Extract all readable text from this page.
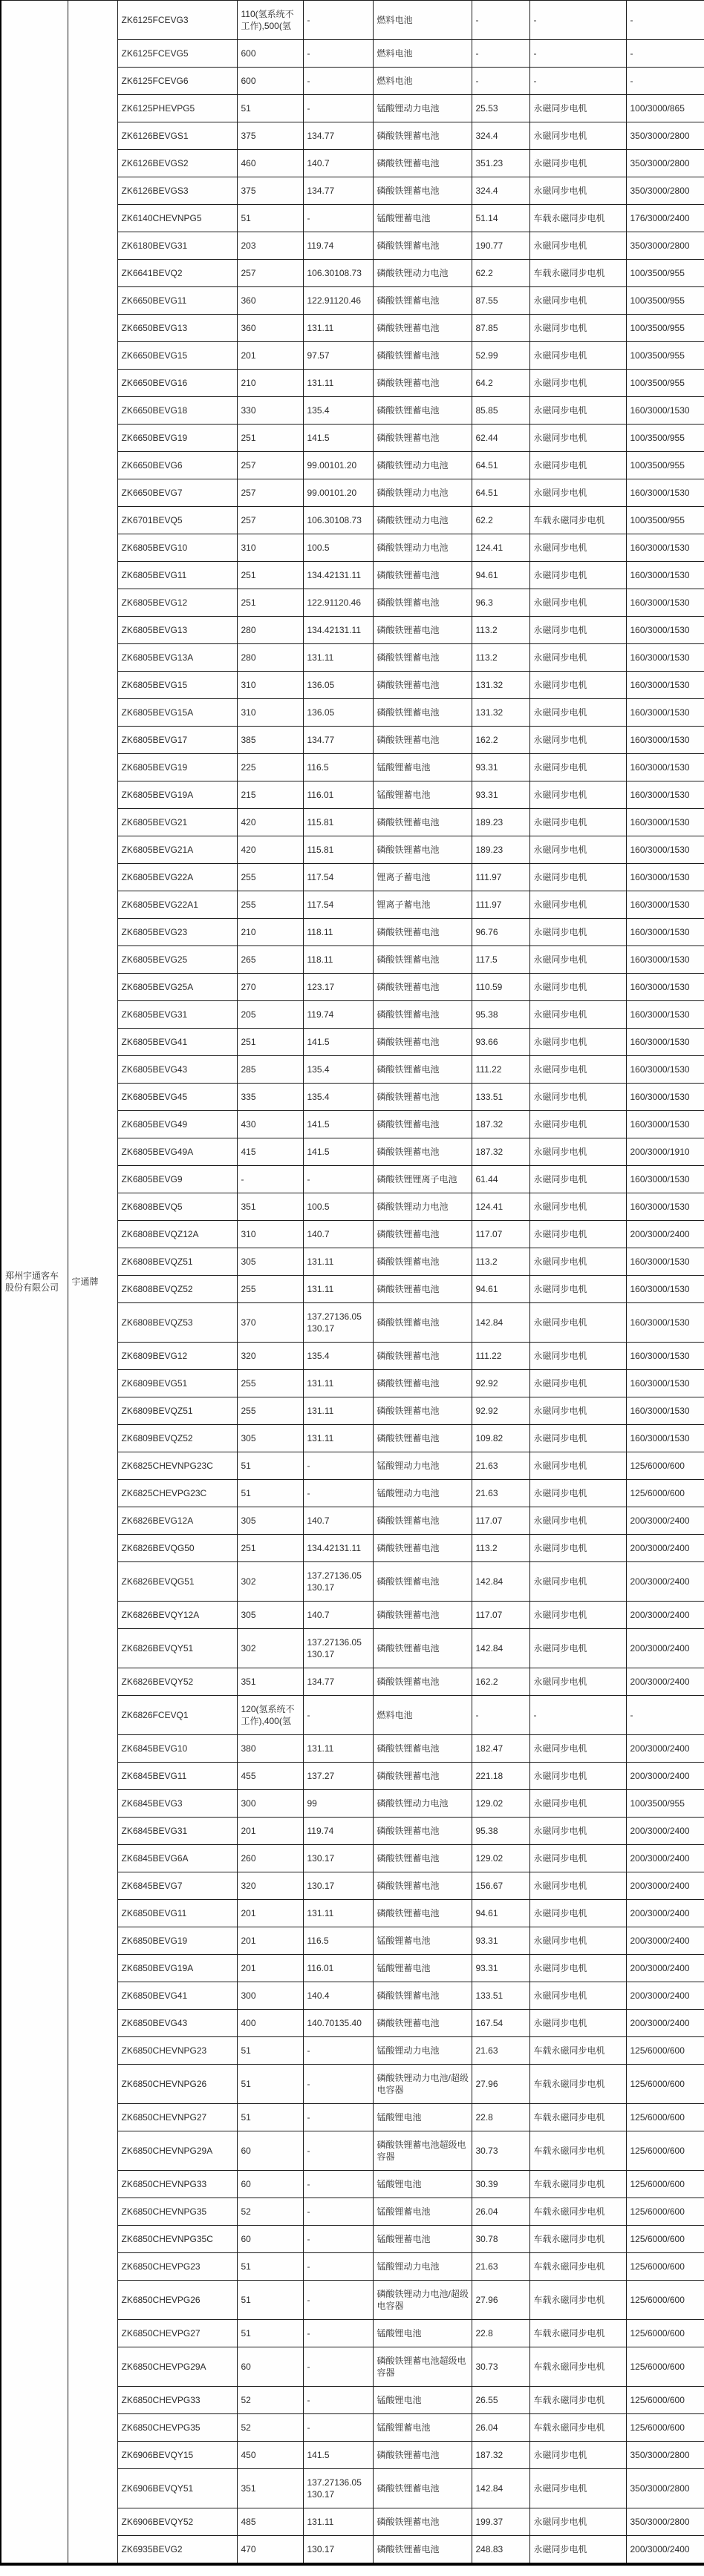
郑州宇通客车股份有限公司	宇通牌	ZK6125FCEVG3	110(氢系统不工作),500(氢	-	燃料电池	-	-	-
		ZK6125FCEVG5	600	-	燃料电池	-	-	-
		ZK6125FCEVG6	600	-	燃料电池	-	-	-
		ZK6125PHEVPG5	51	-	锰酸锂动力电池	25.53	永磁同步电机	100/3000/865
		ZK6126BEVGS1	375	134.77	磷酸铁锂蓄电池	324.4	永磁同步电机	350/3000/2800
		ZK6126BEVGS2	460	140.7	磷酸铁锂蓄电池	351.23	永磁同步电机	350/3000/2800
		ZK6126BEVGS3	375	134.77	磷酸铁锂蓄电池	324.4	永磁同步电机	350/3000/2800
		ZK6140CHEVNPG5	51	-	锰酸锂蓄电池	51.14	车载永磁同步电机	176/3000/2400
		ZK6180BEVG31	203	119.74	磷酸铁锂蓄电池	190.77	永磁同步电机	350/3000/2800
		ZK6641BEVQ2	257	106.30108.73	磷酸铁锂动力电池	62.2	车载永磁同步电机	100/3500/955
		ZK6650BEVG11	360	122.91120.46	磷酸铁锂蓄电池	87.55	永磁同步电机	100/3500/955
		ZK6650BEVG13	360	131.11	磷酸铁锂蓄电池	87.85	永磁同步电机	100/3500/955
		ZK6650BEVG15	201	97.57	磷酸铁锂蓄电池	52.99	永磁同步电机	100/3500/955
		ZK6650BEVG16	210	131.11	磷酸铁锂蓄电池	64.2	永磁同步电机	100/3500/955
		ZK6650BEVG18	330	135.4	磷酸铁锂蓄电池	85.85	永磁同步电机	160/3000/1530
		ZK6650BEVG19	251	141.5	磷酸铁锂蓄电池	62.44	永磁同步电机	100/3500/955
		ZK6650BEVG6	257	99.00101.20	磷酸铁锂动力电池	64.51	永磁同步电机	100/3500/955
		ZK6650BEVG7	257	99.00101.20	磷酸铁锂动力电池	64.51	永磁同步电机	160/3000/1530
		ZK6701BEVQ5	257	106.30108.73	磷酸铁锂动力电池	62.2	车载永磁同步电机	100/3500/955
		ZK6805BEVG10	310	100.5	磷酸铁锂动力电池	124.41	永磁同步电机	160/3000/1530
		ZK6805BEVG11	251	134.42131.11	磷酸铁锂蓄电池	94.61	永磁同步电机	160/3000/1530
		ZK6805BEVG12	251	122.91120.46	磷酸铁锂蓄电池	96.3	永磁同步电机	160/3000/1530
		ZK6805BEVG13	280	134.42131.11	磷酸铁锂蓄电池	113.2	永磁同步电机	160/3000/1530
		ZK6805BEVG13A	280	131.11	磷酸铁锂蓄电池	113.2	永磁同步电机	160/3000/1530
		ZK6805BEVG15	310	136.05	磷酸铁锂蓄电池	131.32	永磁同步电机	160/3000/1530
		ZK6805BEVG15A	310	136.05	磷酸铁锂蓄电池	131.32	永磁同步电机	160/3000/1530
		ZK6805BEVG17	385	134.77	磷酸铁锂蓄电池	162.2	永磁同步电机	160/3000/1530
		ZK6805BEVG19	225	116.5	锰酸锂蓄电池	93.31	永磁同步电机	160/3000/1530
		ZK6805BEVG19A	215	116.01	锰酸锂蓄电池	93.31	永磁同步电机	160/3000/1530
		ZK6805BEVG21	420	115.81	磷酸铁锂蓄电池	189.23	永磁同步电机	160/3000/1530
		ZK6805BEVG21A	420	115.81	磷酸铁锂蓄电池	189.23	永磁同步电机	160/3000/1530
		ZK6805BEVG22A	255	117.54	锂离子蓄电池	111.97	永磁同步电机	160/3000/1530
		ZK6805BEVG22A1	255	117.54	锂离子蓄电池	111.97	永磁同步电机	160/3000/1530
		ZK6805BEVG23	210	118.11	磷酸铁锂蓄电池	96.76	永磁同步电机	160/3000/1530
		ZK6805BEVG25	265	118.11	磷酸铁锂蓄电池	117.5	永磁同步电机	160/3000/1530
		ZK6805BEVG25A	270	123.17	磷酸铁锂蓄电池	110.59	永磁同步电机	160/3000/1530
		ZK6805BEVG31	205	119.74	磷酸铁锂蓄电池	95.38	永磁同步电机	160/3000/1530
		ZK6805BEVG41	251	141.5	磷酸铁锂蓄电池	93.66	永磁同步电机	160/3000/1530
		ZK6805BEVG43	285	135.4	磷酸铁锂蓄电池	111.22	永磁同步电机	160/3000/1530
		ZK6805BEVG45	335	135.4	磷酸铁锂蓄电池	133.51	永磁同步电机	160/3000/1530
		ZK6805BEVG49	430	141.5	磷酸铁锂蓄电池	187.32	永磁同步电机	160/3000/1530
		ZK6805BEVG49A	415	141.5	磷酸铁锂蓄电池	187.32	永磁同步电机	200/3000/1910
		ZK6805BEVG9	-	-	磷酸铁锂锂离子电池	61.44	永磁同步电机	160/3000/1530
		ZK6808BEVQ5	351	100.5	磷酸铁锂动力电池	124.41	永磁同步电机	160/3000/1530
		ZK6808BEVQZ12A	310	140.7	磷酸铁锂蓄电池	117.07	永磁同步电机	200/3000/2400
		ZK6808BEVQZ51	305	131.11	磷酸铁锂蓄电池	113.2	永磁同步电机	160/3000/1530
		ZK6808BEVQZ52	255	131.11	磷酸铁锂蓄电池	94.61	永磁同步电机	160/3000/1530
		ZK6808BEVQZ53	370	137.27136.05 130.17	磷酸铁锂蓄电池	142.84	永磁同步电机	160/3000/1530
		ZK6809BEVG12	320	135.4	磷酸铁锂蓄电池	111.22	永磁同步电机	160/3000/1530
		ZK6809BEVG51	255	131.11	磷酸铁锂蓄电池	92.92	永磁同步电机	160/3000/1530
		ZK6809BEVQZ51	255	131.11	磷酸铁锂蓄电池	92.92	永磁同步电机	160/3000/1530
		ZK6809BEVQZ52	305	131.11	磷酸铁锂蓄电池	109.82	永磁同步电机	160/3000/1530
		ZK6825CHEVNPG23C	51	-	锰酸锂动力电池	21.63	永磁同步电机	125/6000/600
		ZK6825CHEVPG23C	51	-	锰酸锂动力电池	21.63	永磁同步电机	125/6000/600
		ZK6826BEVG12A	305	140.7	磷酸铁锂蓄电池	117.07	永磁同步电机	200/3000/2400
		ZK6826BEVQG50	251	134.42131.11	磷酸铁锂蓄电池	113.2	永磁同步电机	200/3000/2400
		ZK6826BEVQG51	302	137.27136.05 130.17	磷酸铁锂蓄电池	142.84	永磁同步电机	200/3000/2400
		ZK6826BEVQY12A	305	140.7	磷酸铁锂蓄电池	117.07	永磁同步电机	200/3000/2400
		ZK6826BEVQY51	302	137.27136.05 130.17	磷酸铁锂蓄电池	142.84	永磁同步电机	200/3000/2400
		ZK6826BEVQY52	351	134.77	磷酸铁锂蓄电池	162.2	永磁同步电机	200/3000/2400
		ZK6826FCEVQ1	120(氢系统不工作),400(氢	-	燃料电池	-	-	-
		ZK6845BEVG10	380	131.11	磷酸铁锂蓄电池	182.47	永磁同步电机	200/3000/2400
		ZK6845BEVG11	455	137.27	磷酸铁锂蓄电池	221.18	永磁同步电机	200/3000/2400
		ZK6845BEVG3	300	99	磷酸铁锂动力电池	129.02	永磁同步电机	100/3500/955
		ZK6845BEVG31	201	119.74	磷酸铁锂蓄电池	95.38	永磁同步电机	200/3000/2400
		ZK6845BEVG6A	260	130.17	磷酸铁锂蓄电池	129.02	永磁同步电机	200/3000/2400
		ZK6845BEVG7	320	130.17	磷酸铁锂蓄电池	156.67	永磁同步电机	200/3000/2400
		ZK6850BEVG11	201	131.11	磷酸铁锂蓄电池	94.61	永磁同步电机	200/3000/2400
		ZK6850BEVG19	201	116.5	锰酸锂蓄电池	93.31	永磁同步电机	200/3000/2400
		ZK6850BEVG19A	201	116.01	锰酸锂蓄电池	93.31	永磁同步电机	200/3000/2400
		ZK6850BEVG41	300	140.4	磷酸铁锂蓄电池	133.51	永磁同步电机	200/3000/2400
		ZK6850BEVG43	400	140.70135.40	磷酸铁锂蓄电池	167.54	永磁同步电机	200/3000/2400
		ZK6850CHEVNPG23	51	-	锰酸锂动力电池	21.63	车载永磁同步电机	125/6000/600
		ZK6850CHEVNPG26	51	-	磷酸铁锂动力电池/超级电容器	27.96	车载永磁同步电机	125/6000/600
		ZK6850CHEVNPG27	51	-	锰酸锂电池	22.8	车载永磁同步电机	125/6000/600
		ZK6850CHEVNPG29A	60	-	磷酸铁锂蓄电池超级电容器	30.73	车载永磁同步电机	125/6000/600
		ZK6850CHEVNPG33	60	-	锰酸锂电池	30.39	车载永磁同步电机	125/6000/600
		ZK6850CHEVNPG35	52	-	锰酸锂蓄电池	26.04	车载永磁同步电机	125/6000/600
		ZK6850CHEVNPG35C	60	-	锰酸锂蓄电池	30.78	车载永磁同步电机	125/6000/600
		ZK6850CHEVPG23	51	-	锰酸锂动力电池	21.63	车载永磁同步电机	125/6000/600
		ZK6850CHEVPG26	51	-	磷酸铁锂动力电池/超级电容器	27.96	车载永磁同步电机	125/6000/600
		ZK6850CHEVPG27	51	-	锰酸锂电池	22.8	车载永磁同步电机	125/6000/600
		ZK6850CHEVPG29A	60	-	磷酸铁锂蓄电池超级电容器	30.73	车载永磁同步电机	125/6000/600
		ZK6850CHEVPG33	52	-	锰酸锂电池	26.55	车载永磁同步电机	125/6000/600
		ZK6850CHEVPG35	52	-	锰酸锂蓄电池	26.04	车载永磁同步电机	125/6000/600
		ZK6906BEVQY15	450	141.5	磷酸铁锂蓄电池	187.32	永磁同步电机	350/3000/2800
		ZK6906BEVQY51	351	137.27136.05 130.17	磷酸铁锂蓄电池	142.84	永磁同步电机	350/3000/2800
		ZK6906BEVQY52	485	131.11	磷酸铁锂蓄电池	199.37	永磁同步电机	350/3000/2800
		ZK6935BEVG2	470	130.17	磷酸铁锂蓄电池	248.83	永磁同步电机	200/3000/2400
